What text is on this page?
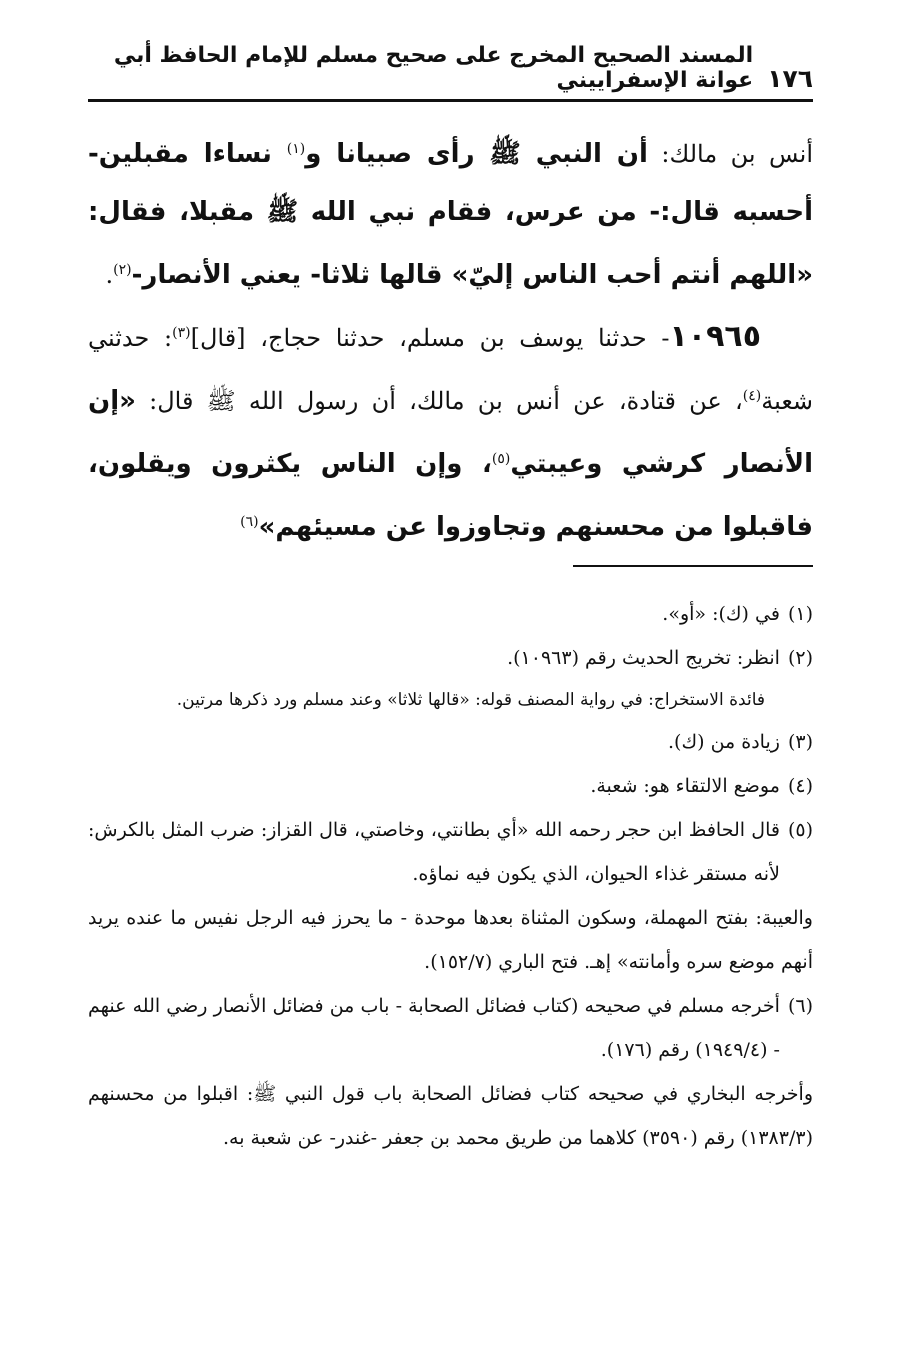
١٧٦
المسند الصحيح المخرج على صحيح مسلم للإمام الحافظ أبي عوانة الإسفراييني

أنس بن مالك: أن النبي ﷺ رأى صبيانا و$^{(١)}$ نساءا مقبلين- أحسبه قال:- من عرس، فقام نبي الله ﷺ مقبلا، فقال: «اللهم أنتم أحب الناس إليّ» قالها ثلاثا- يعني الأنصار-$^{(٢)}$.

١٠٩٦٥- حدثنا يوسف بن مسلم، حدثنا حجاج، [قال]$^{(٣)}$: حدثني شعبة$^{(٤)}$، عن قتادة، عن أنس بن مالك، أن رسول الله ﷺ قال: «إن الأنصار كرشي وعيبتي$^{(٥)}$، وإن الناس يكثرون ويقلون، فاقبلوا من محسنهم وتجاوزوا عن مسيئهم»$^{(٦)}$

(١)
في (ك): «أو».
(٢)
انظر: تخريج الحديث رقم (١٠٩٦٣).
فائدة الاستخراج: في رواية المصنف قوله: «قالها ثلاثا» وعند مسلم ورد ذكرها مرتين.
(٣)
زيادة من (ك).
(٤)
موضع الالتقاء هو: شعبة.
(٥)
قال الحافظ ابن حجر رحمه الله «أي بطانتي، وخاصتي، قال القزاز: ضرب المثل بالكرش: لأنه مستقر غذاء الحيوان، الذي يكون فيه نماؤه.
والعيبة: بفتح المهملة، وسكون المثناة بعدها موحدة - ما يحرز فيه الرجل نفيس ما عنده يريد أنهم موضع سره وأمانته» إهـ. فتح الباري (١٥٢/٧).
(٦)
أخرجه مسلم في صحيحه (كتاب فضائل الصحابة - باب من فضائل الأنصار رضي الله عنهم - (١٩٤٩/٤) رقم (١٧٦).
وأخرجه البخاري في صحيحه كتاب فضائل الصحابة باب قول النبي ﷺ: اقبلوا من محسنهم (١٣٨٣/٣) رقم (٣٥٩٠) كلاهما من طريق محمد بن جعفر -غندر- عن شعبة به.
